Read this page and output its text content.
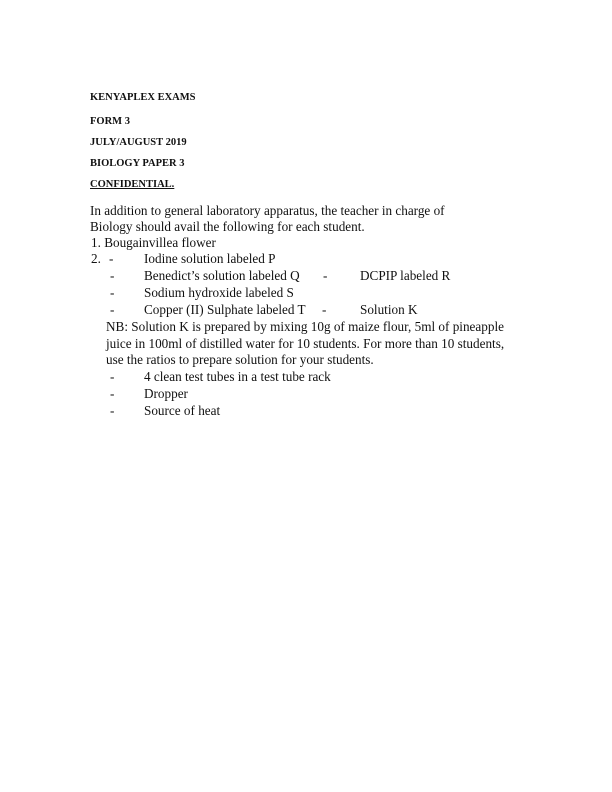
KENYAPLEX EXAMS
FORM 3
JULY/AUGUST 2019
BIOLOGY PAPER 3
CONFIDENTIAL.
In addition to general laboratory apparatus, the teacher in charge of
Biology should avail the following for each student.
1. Bougainvillea flower
2. - Iodine solution labeled P
- Benedict’s solution labeled Q - DCPIP labeled R
- Sodium hydroxide labeled S
- Copper (II) Sulphate labeled T -	Solution K
NB: Solution K is prepared by mixing 10g of maize flour, 5ml of pineapple
juice in 100ml of distilled water for 10 students. For more than 10 students,
use the ratios to prepare solution for your students.
- 4 clean test tubes in a test tube rack
- Dropper
- Source of heat
